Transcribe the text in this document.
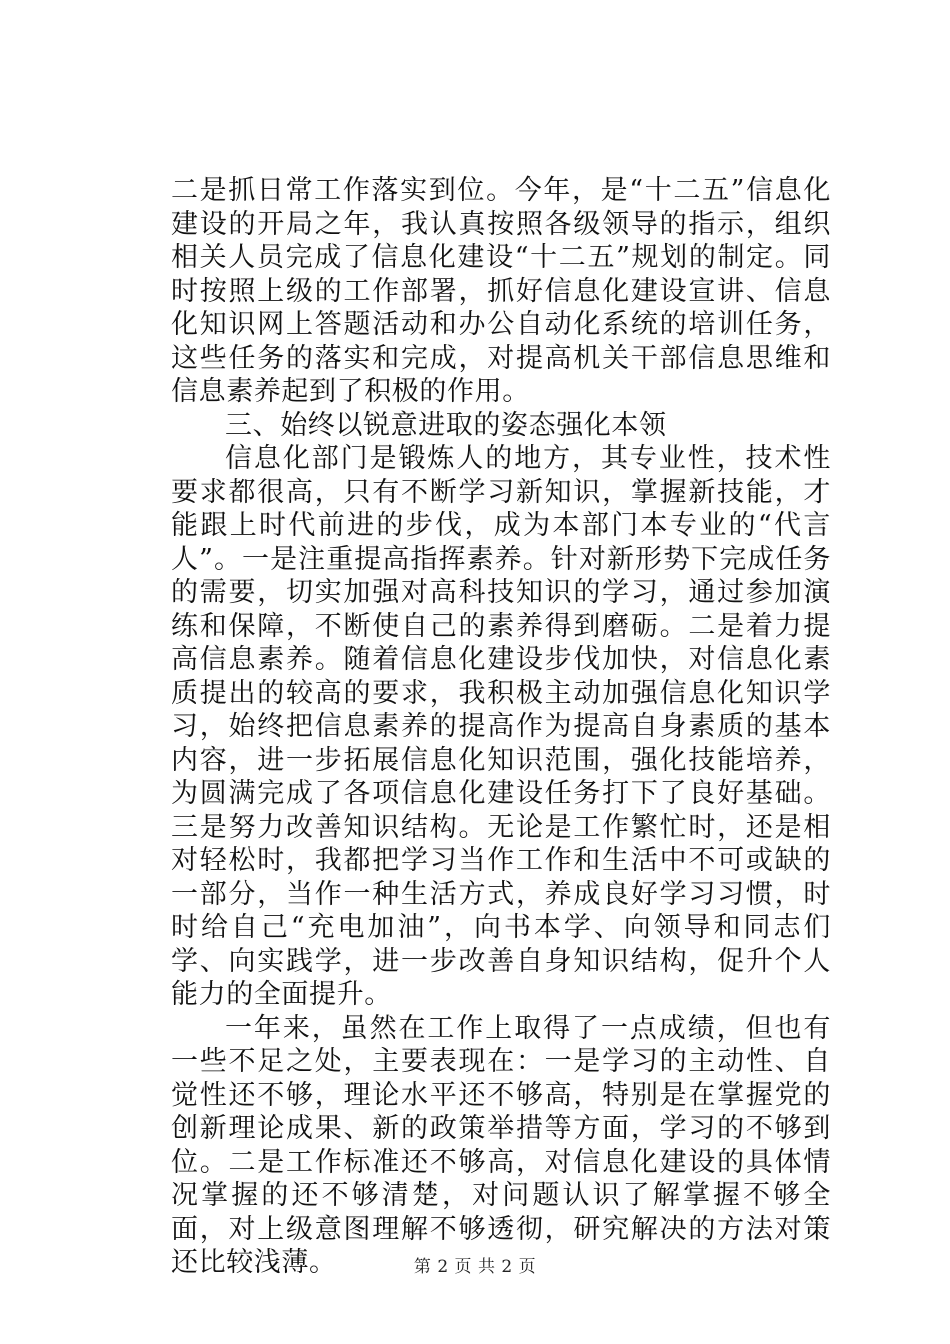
二是抓日常工作落实到位。今年，是“十二五”信息化建设的开局之年，我认真按照各级领导的指示，组织相关人员完成了信息化建设“十二五”规划的制定。同时按照上级的工作部署，抓好信息化建设宣讲、信息化知识网上答题活动和办公自动化系统的培训任务，这些任务的落实和完成，对提高机关干部信息思维和信息素养起到了积极的作用。

三、始终以锐意进取的姿态强化本领

信息化部门是锻炼人的地方，其专业性，技术性要求都很高，只有不断学习新知识，掌握新技能，才能跟上时代前进的步伐，成为本部门本专业的“代言人”。一是注重提高指挥素养。针对新形势下完成任务的需要，切实加强对高科技知识的学习，通过参加演练和保障，不断使自己的素养得到磨砺。二是着力提高信息素养。随着信息化建设步伐加快，对信息化素质提出的较高的要求，我积极主动加强信息化知识学习，始终把信息素养的提高作为提高自身素质的基本内容，进一步拓展信息化知识范围，强化技能培养，为圆满完成了各项信息化建设任务打下了良好基础。三是努力改善知识结构。无论是工作繁忙时，还是相对轻松时，我都把学习当作工作和生活中不可或缺的一部分，当作一种生活方式，养成良好学习习惯，时时给自己“充电加油”，向书本学、向领导和同志们学、向实践学，进一步改善自身知识结构，促升个人能力的全面提升。

一年来，虽然在工作上取得了一点成绩，但也有一些不足之处，主要表现在：一是学习的主动性、自觉性还不够，理论水平还不够高，特别是在掌握党的创新理论成果、新的政策举措等方面，学习的不够到位。二是工作标准还不够高，对信息化建设的具体情况掌握的还不够清楚，对问题认识了解掌握不够全面，对上级意图理解不够透彻，研究解决的方法对策还比较浅薄。	第 2 页 共 2 页
